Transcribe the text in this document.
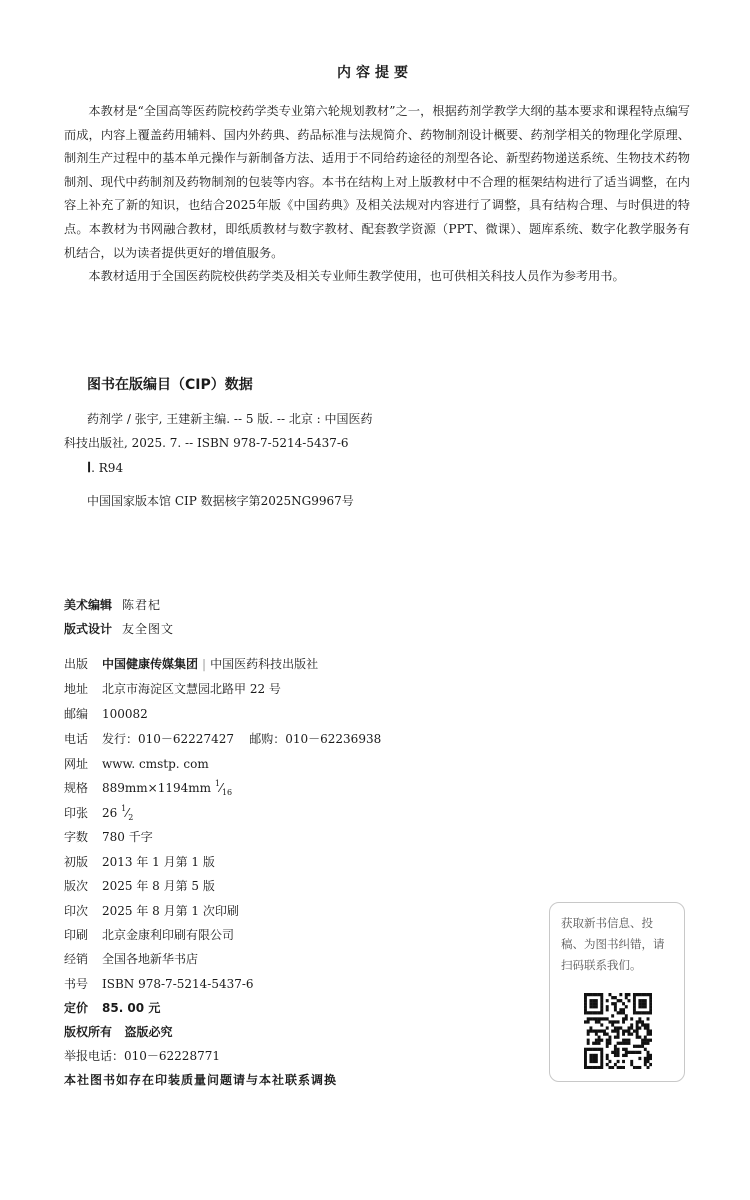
内容提要

本教材是“全国高等医药院校药学类专业第六轮规划教材”之一，根据药剂学教学大纲的基本要求和课程特点编写而成，内容上覆盖药用辅料、国内外药典、药品标准与法规简介、药物制剂设计概要、药剂学相关的物理化学原理、制剂生产过程中的基本单元操作与新制备方法、适用于不同给药途径的剂型各论、新型药物递送系统、生物技术药物制剂、现代中药制剂及药物制剂的包装等内容。本书在结构上对上版教材中不合理的框架结构进行了适当调整，在内容上补充了新的知识，也结合2025年版《中国药典》及相关法规对内容进行了调整，具有结构合理、与时俱进的特点。本教材为书网融合教材，即纸质教材与数字教材、配套教学资源（PPT、微课）、题库系统、数字化教学服务有机结合，以为读者提供更好的增值服务。

本教材适用于全国医药院校供药学类及相关专业师生教学使用，也可供相关科技人员作为参考用书。

图书在版编目（CIP）数据
药剂学 / 张宇, 王建新主编. -- 5 版. -- 北京 : 中国医药
科技出版社, 2025. 7. -- ISBN 978-7-5214-5437-6
Ⅰ. R94
中国国家版本馆 CIP 数据核字第2025NG9967号
美术编辑 陈君杞
版式设计 友全图文
出版 中国健康传媒集团 | 中国医药科技出版社
地址 北京市海淀区文慧园北路甲 22 号
邮编 100082
电话 发行：010－62227427    邮购：010－62236938
网址 www. cmstp. com
规格 889mm×1194mm $^1⁄_{16}$
印张 26 $^1⁄_2$
字数 780 千字
初版 2013 年 1 月第 1 版
版次 2025 年 8 月第 5 版
印次 2025 年 8 月第 1 次印刷
印刷 北京金康利印刷有限公司
经销 全国各地新华书店
书号 ISBN 978-7-5214-5437-6
定价 85. 00 元
版权所有   盗版必究
举报电话：010－62228771
本社图书如存在印装质量问题请与本社联系调换
获取新书信息、投稿、为图书纠错，请扫码联系我们。
